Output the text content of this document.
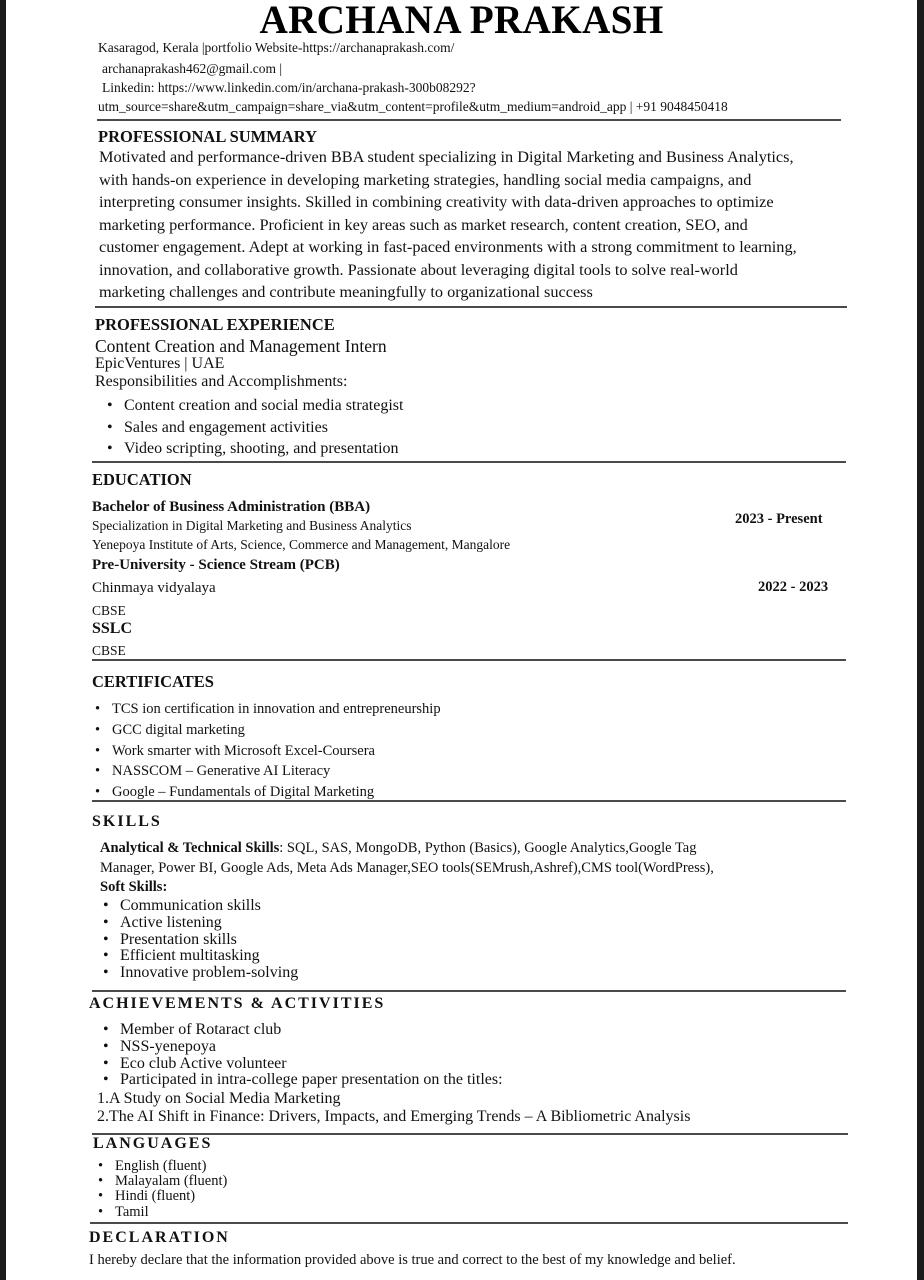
ARCHANA PRAKASH
Kasaragod, Kerala |portfolio Website-https://archanaprakash.com/
archanaprakash462@gmail.com |
Linkedin: https://www.linkedin.com/in/archana-prakash-300b08292?
utm_source=share&utm_campaign=share_via&utm_content=profile&utm_medium=android_app | +91 9048450418
PROFESSIONAL SUMMARY

Motivated and performance-driven BBA student specializing in Digital Marketing and Business Analytics,

with hands-on experience in developing marketing strategies, handling social media campaigns, and

interpreting consumer insights. Skilled in combining creativity with data-driven approaches to optimize

marketing performance. Proficient in key areas such as market research, content creation, SEO, and

customer engagement. Adept at working in fast-paced environments with a strong commitment to learning,

innovation, and collaborative growth. Passionate about leveraging digital tools to solve real-world

marketing challenges and contribute meaningfully to organizational success

PROFESSIONAL EXPERIENCE
Content Creation and Management Intern
EpicVentures | UAE
Responsibilities and Accomplishments:
• Content creation and social media strategist
• Sales and engagement activities
• Video scripting, shooting, and presentation
EDUCATION
Bachelor of Business Administration (BBA)
Specialization in Digital Marketing and Business Analytics
Yenepoya Institute of Arts, Science, Commerce and Management, Mangalore
2023 - Present
Pre-University - Science Stream (PCB)
Chinmaya vidyalaya
CBSE
2022 - 2023
SSLC
CBSE
CERTIFICATES
• TCS ion certification in innovation and entrepreneurship
• GCC digital marketing
• Work smarter with Microsoft Excel-Coursera
• NASSCOM – Generative AI Literacy
• Google – Fundamentals of Digital Marketing
SKILLS
Analytical & Technical Skills: SQL, SAS, MongoDB, Python (Basics), Google Analytics,Google Tag
Manager, Power BI, Google Ads, Meta Ads Manager,SEO tools(SEMrush,Ashref),CMS tool(WordPress),
Soft Skills:
• Communication skills
• Active listening
• Presentation skills
• Efficient multitasking
• Innovative problem-solving
ACHIEVEMENTS & ACTIVITIES
• Member of Rotaract club
• NSS-yenepoya
• Eco club Active volunteer
• Participated in intra-college paper presentation on the titles:
1.A Study on Social Media Marketing
2.The AI Shift in Finance: Drivers, Impacts, and Emerging Trends – A Bibliometric Analysis
LANGUAGES
• English (fluent)
• Malayalam (fluent)
• Hindi (fluent)
• Tamil
DECLARATION
I hereby declare that the information provided above is true and correct to the best of my knowledge and belief.
